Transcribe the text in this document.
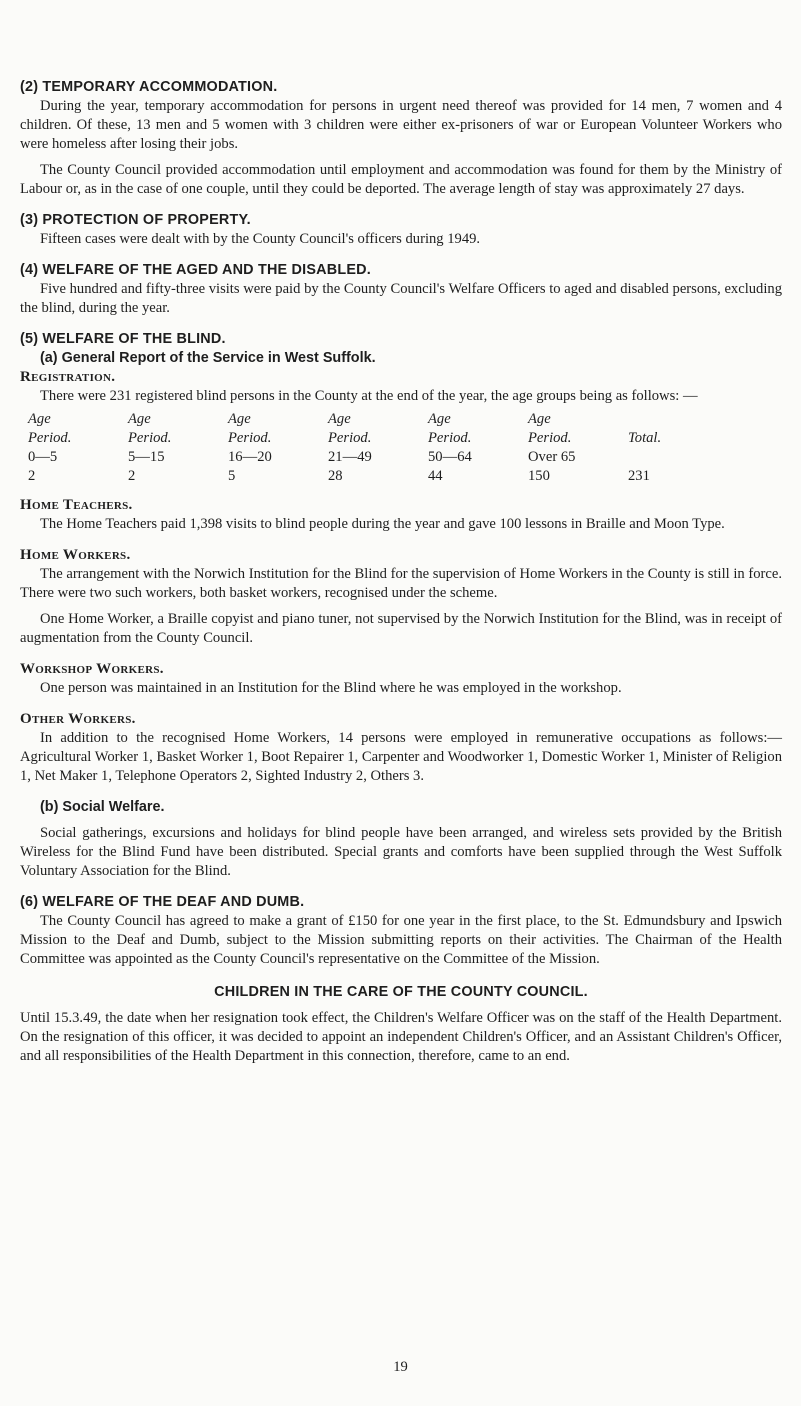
(2) TEMPORARY ACCOMMODATION.

During the year, temporary accommodation for persons in urgent need thereof was provided for 14 men, 7 women and 4 children. Of these, 13 men and 5 women with 3 children were either ex-prisoners of war or European Volunteer Workers who were homeless after losing their jobs.

The County Council provided accommodation until employment and accommodation was found for them by the Ministry of Labour or, as in the case of one couple, until they could be deported. The average length of stay was approximately 27 days.

(3) PROTECTION OF PROPERTY.

Fifteen cases were dealt with by the County Council's officers during 1949.

(4) WELFARE OF THE AGED AND THE DISABLED.

Five hundred and fifty-three visits were paid by the County Council's Welfare Officers to aged and disabled persons, excluding the blind, during the year.

(5) WELFARE OF THE BLIND.
(a) General Report of the Service in West Suffolk.
Registration.

There were 231 registered blind persons in the County at the end of the year, the age groups being as follows: —

Age	Age	Age	Age	Age	Age	
Period.	Period.	Period.	Period.	Period.	Period.	Total.
0—5	5—15	16—20	21—49	50—64	Over 65	
2	2	5	28	44	150	231
Home Teachers.

The Home Teachers paid 1,398 visits to blind people during the year and gave 100 lessons in Braille and Moon Type.

Home Workers.

The arrangement with the Norwich Institution for the Blind for the supervision of Home Workers in the County is still in force. There were two such workers, both basket workers, recognised under the scheme.

One Home Worker, a Braille copyist and piano tuner, not supervised by the Norwich Institution for the Blind, was in receipt of augmentation from the County Council.

Workshop Workers.

One person was maintained in an Institution for the Blind where he was employed in the workshop.

Other Workers.

In addition to the recognised Home Workers, 14 persons were employed in remunerative occupations as follows:—Agricultural Worker 1, Basket Worker 1, Boot Repairer 1, Carpenter and Woodworker 1, Domestic Worker 1, Minister of Religion 1, Net Maker 1, Telephone Operators 2, Sighted Industry 2, Others 3.

(b) Social Welfare.

Social gatherings, excursions and holidays for blind people have been arranged, and wireless sets provided by the British Wireless for the Blind Fund have been distributed. Special grants and comforts have been supplied through the West Suffolk Voluntary Association for the Blind.

(6) WELFARE OF THE DEAF AND DUMB.

The County Council has agreed to make a grant of £150 for one year in the first place, to the St. Edmundsbury and Ipswich Mission to the Deaf and Dumb, subject to the Mission submitting reports on their activities. The Chairman of the Health Committee was appointed as the County Council's representative on the Committee of the Mission.

CHILDREN IN THE CARE OF THE COUNTY COUNCIL.

Until 15.3.49, the date when her resignation took effect, the Children's Welfare Officer was on the staff of the Health Department. On the resignation of this officer, it was decided to appoint an independent Children's Officer, and an Assistant Children's Officer, and all responsibilities of the Health Department in this connection, therefore, came to an end.

19
